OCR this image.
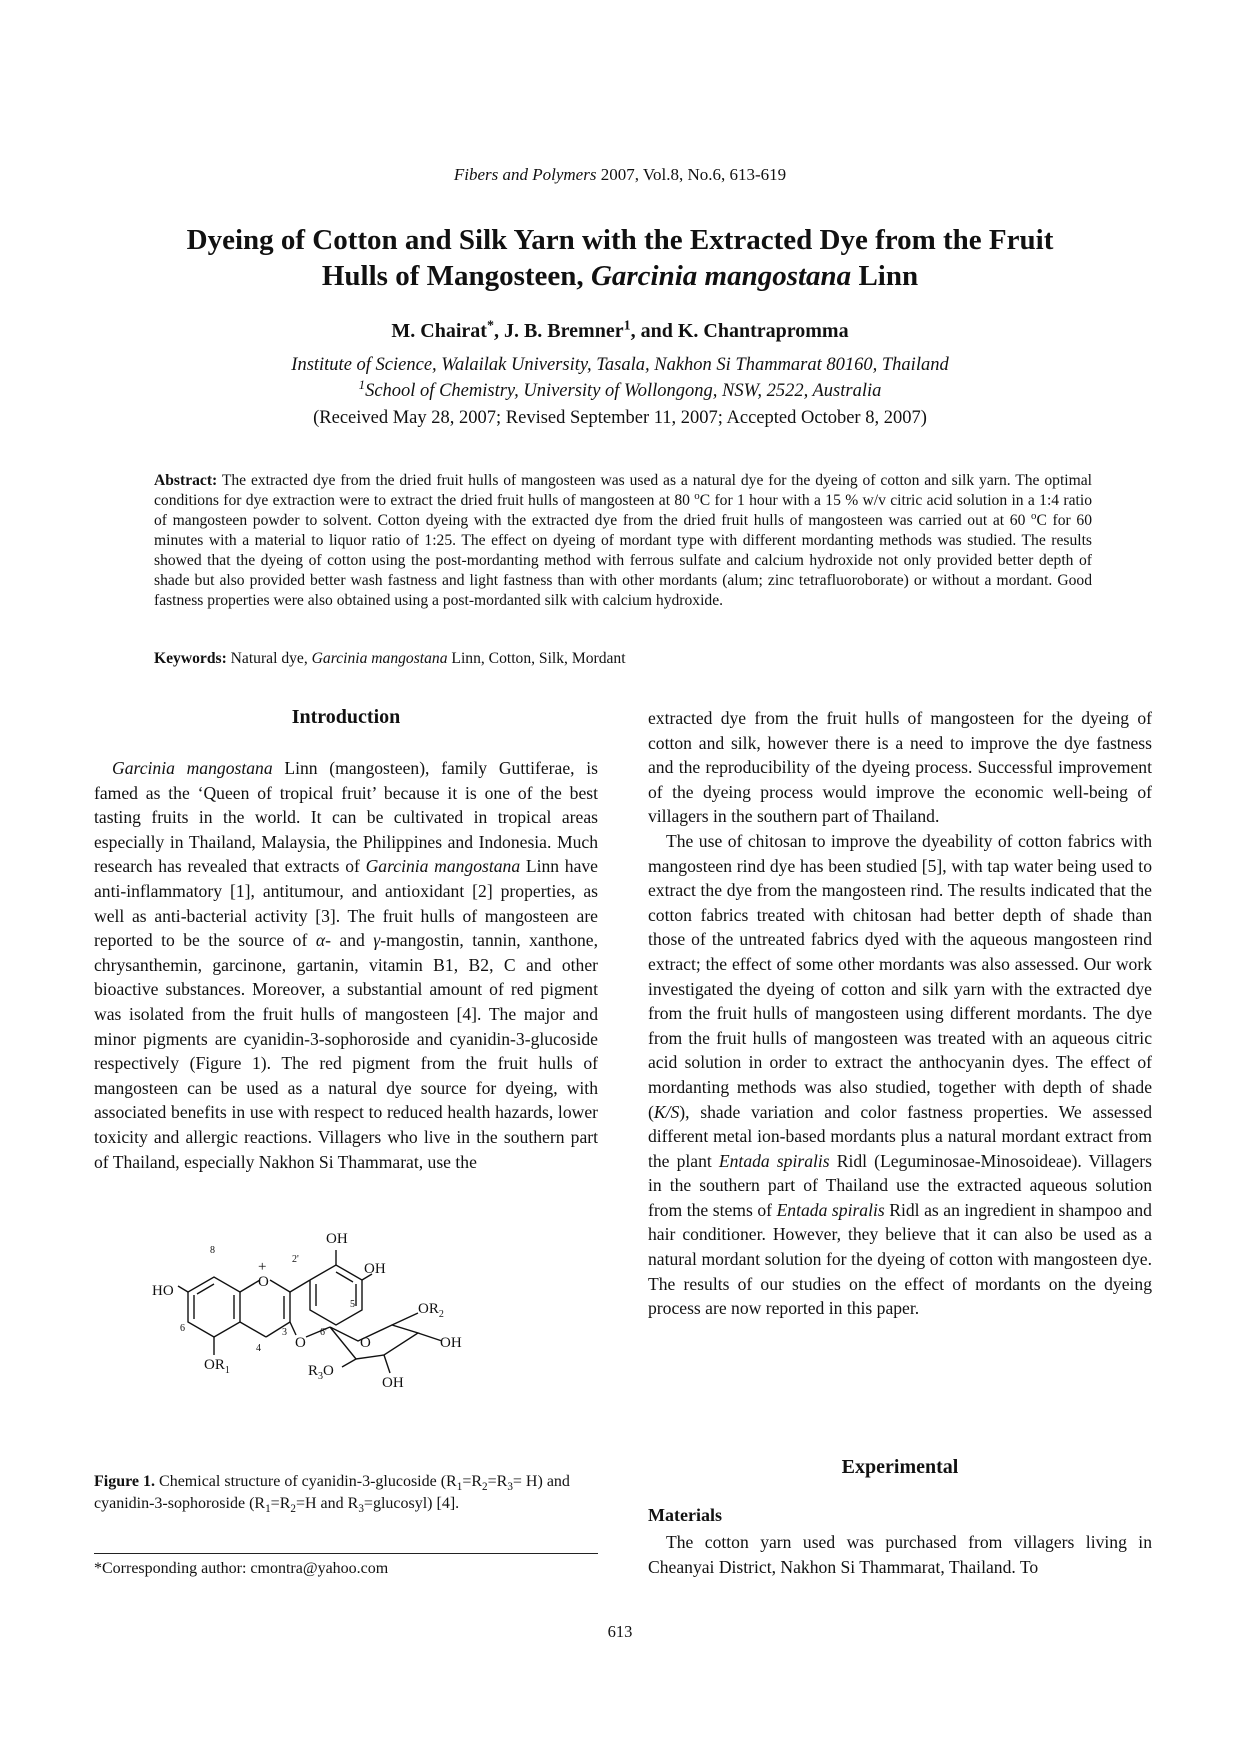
Fibers and Polymers 2007, Vol.8, No.6, 613-619
Dyeing of Cotton and Silk Yarn with the Extracted Dye from the Fruit
Hulls of Mangosteen, Garcinia mangostana Linn
M. Chairat*, J. B. Bremner$^1$, and K. Chantrapromma
Institute of Science, Walailak University, Tasala, Nakhon Si Thammarat 80160, Thailand
$^1$School of Chemistry, University of Wollongong, NSW, 2522, Australia
(Received May 28, 2007; Revised September 11, 2007; Accepted October 8, 2007)
Abstract: The extracted dye from the dried fruit hulls of mangosteen was used as a natural dye for the dyeing of cotton and silk yarn. The optimal conditions for dye extraction were to extract the dried fruit hulls of mangosteen at 80 $^o$C for 1 hour with a 15 % w/v citric acid solution in a 1:4 ratio of mangosteen powder to solvent. Cotton dyeing with the extracted dye from the dried fruit hulls of mangosteen was carried out at 60 $^o$C for 60 minutes with a material to liquor ratio of 1:25. The effect on dyeing of mordant type with different mordanting methods was studied. The results showed that the dyeing of cotton using the post-mordanting method with ferrous sulfate and calcium hydroxide not only provided better depth of shade but also provided better wash fastness and light fastness than with other mordants (alum; zinc tetrafluoroborate) or without a mordant. Good fastness properties were also obtained using a post-mordanted silk with calcium hydroxide.
Keywords: Natural dye, Garcinia mangostana Linn, Cotton, Silk, Mordant
Introduction

Garcinia mangostana Linn (mangosteen), family Guttiferae, is famed as the ‘Queen of tropical fruit’ because it is one of the best tasting fruits in the world. It can be cultivated in tropical areas especially in Thailand, Malaysia, the Philippines and Indonesia. Much research has revealed that extracts of Garcinia mangostana Linn have anti-inflammatory [1], antitumour, and antioxidant [2] properties, as well as anti-bacterial activity [3]. The fruit hulls of mangosteen are reported to be the source of α- and γ-mangostin, tannin, xanthone, chrysanthemin, garcinone, gartanin, vitamin B1, B2, C and other bioactive substances. Moreover, a substantial amount of red pigment was isolated from the fruit hulls of mangosteen [4]. The major and minor pigments are cyanidin-3-sophoroside and cyanidin-3-glucoside respectively (Figure 1). The red pigment from the fruit hulls of mangosteen can be used as a natural dye source for dyeing, with associated benefits in use with respect to reduced health hazards, lower toxicity and allergic reactions. Villagers who live in the southern part of Thailand, especially Nakhon Si Thammarat, use the

OH
OH
HO
O
+
8
6
4
3
2'
5'
6'
$OR_1$
O	O
$OR_2$
OH
OH
$R_3O$
Figure 1. Chemical structure of cyanidin-3-glucoside $(R_1=R_2=R_3= H)$ and cyanidin-3-sophoroside ($R_1=R_2=H$ and $R_3=glucosyl$) [4].
*Corresponding author: cmontra@yahoo.com

extracted dye from the fruit hulls of mangosteen for the dyeing of cotton and silk, however there is a need to improve the dye fastness and the reproducibility of the dyeing process. Successful improvement of the dyeing process would improve the economic well-being of villagers in the southern part of Thailand.

The use of chitosan to improve the dyeability of cotton fabrics with mangosteen rind dye has been studied [5], with tap water being used to extract the dye from the mangosteen rind. The results indicated that the cotton fabrics treated with chitosan had better depth of shade than those of the untreated fabrics dyed with the aqueous mangosteen rind extract; the effect of some other mordants was also assessed. Our work investigated the dyeing of cotton and silk yarn with the extracted dye from the fruit hulls of mangosteen using different mordants. The dye from the fruit hulls of mangosteen was treated with an aqueous citric acid solution in order to extract the anthocyanin dyes. The effect of mordanting methods was also studied, together with depth of shade (K/S), shade variation and color fastness properties. We assessed different metal ion-based mordants plus a natural mordant extract from the plant Entada spiralis Ridl (Leguminosae-Minosoideae). Villagers in the southern part of Thailand use the extracted aqueous solution from the stems of Entada spiralis Ridl as an ingredient in shampoo and hair conditioner. However, they believe that it can also be used as a natural mordant solution for the dyeing of cotton with mangosteen dye. The results of our studies on the effect of mordants on the dyeing process are now reported in this paper.

Experimental
Materials

The cotton yarn used was purchased from villagers living in Cheanyai District, Nakhon Si Thammarat, Thailand. To

613
